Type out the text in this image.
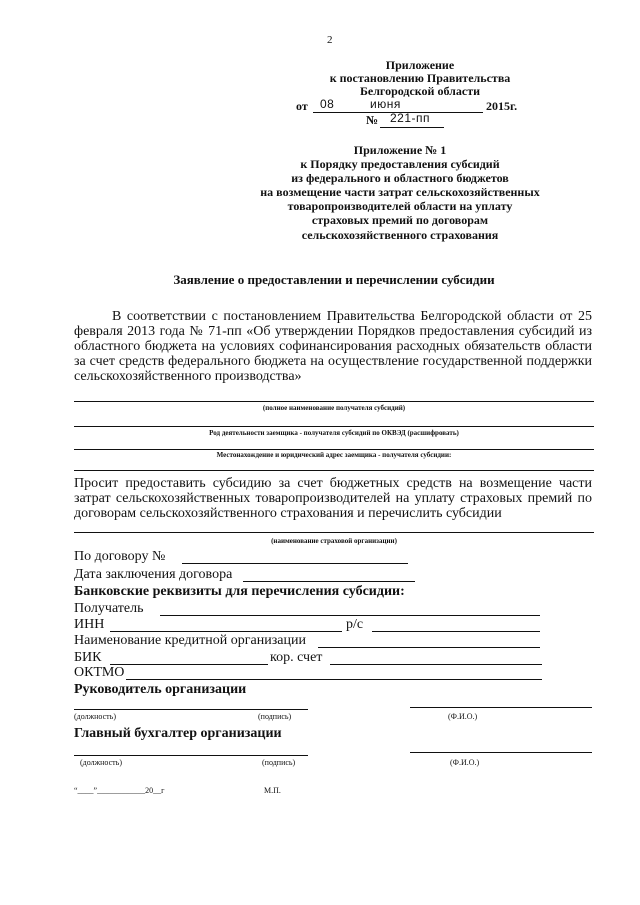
2
Приложение
к постановлению Правительства
Белгородской области
от 08	июня	2015г.
№ 221-пп
Приложение № 1
к Порядку предоставления субсидий
из федерального и областного бюджетов
на возмещение части затрат сельскохозяйственных
товаропроизводителей области на уплату
страховых премий по договорам
сельскохозяйственного страхования
Заявление о предоставлении и перечислении субсидии
В соответствии с постановлением Правительства Белгородской области от 25 февраля 2013 года № 71-пп «Об утверждении Порядков предоставления субсидий из областного бюджета на условиях софинансирования расходных обязательств области за счет средств федерального бюджета на осуществление государственной поддержки сельскохозяйственного производства»
(полное наименование получателя субсидий)
Род деятельности заемщика - получателя субсидий по ОКВЭД (расшифровать)
Местонахождение и юридический адрес заемщика - получателя субсидии:
Просит предоставить субсидию за счет бюджетных средств на возмещение части затрат сельскохозяйственных товаропроизводителей на уплату страховых премий по договорам сельскохозяйственного страхования и перечислить субсидии
(наименование страховой организации)
По договору №
Дата заключения договора
Банковские реквизиты для перечисления субсидии:
Получатель
ИНН	р/с
Наименование кредитной организации
БИК	кор. счет
ОКТМО
Руководитель организации
(должность)	(подпись)	(Ф.И.О.)
Главный бухгалтер организации
(должность)	(подпись)	(Ф.И.О.)
“____”____________20__г	М.П.
